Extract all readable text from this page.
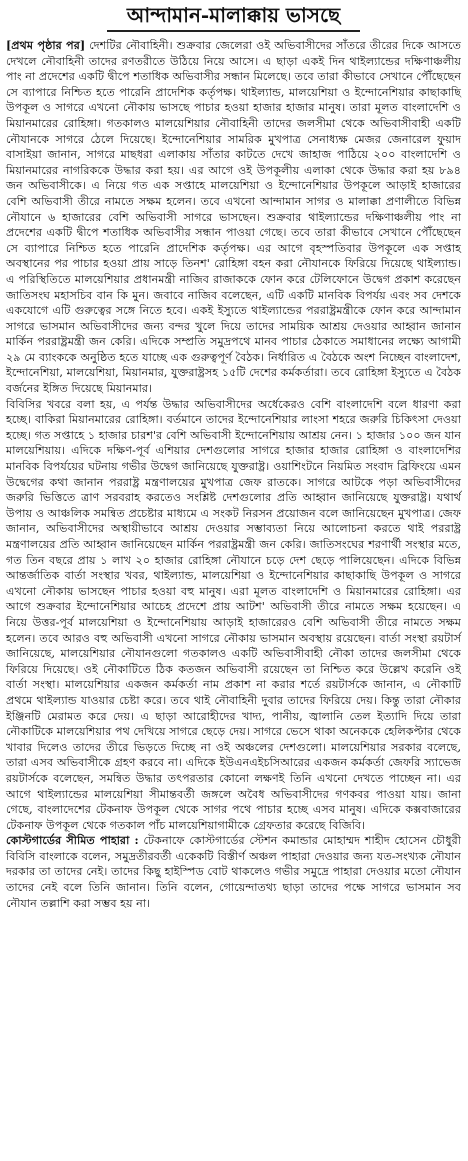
আন্দামান-মালাক্কায় ভাসছে

[প্রথম পৃষ্ঠার পর] দেশটির নৌবাহিনী। শুক্রবার জেলেরা ওই অভিবাসীদের সাঁতরে তীরের দিকে আসতে দেখলে নৌবাহিনী তাদের রণতরীতে উঠিয়ে নিয়ে আসে। এ ছাড়া একই দিন থাইল্যান্ডের দক্ষিণাঞ্চলীয় পাং না প্রদেশের একটি দ্বীপে শতাধিক অভিবাসীর সন্ধান মিলেছে। তবে তারা কীভাবে সেখানে পৌঁছেছেন সে ব্যাপারে নিশ্চিত হতে পারেনি প্রাদেশিক কর্তৃপক্ষ। থাইল্যান্ড, মালয়েশিয়া ও ইন্দোনেশিয়ার কাছাকাছি উপকূল ও সাগরে এখনো নৌকায় ভাসছে পাচার হওয়া হাজার হাজার মানুষ। তারা মূলত বাংলাদেশি ও মিয়ানমারের রোহিঙ্গা। গতকালও মালয়েশিয়ার নৌবাহিনী তাদের জলসীমা থেকে অভিবাসীবাহী একটি নৌযানকে সাগরে ঠেলে দিয়েছে। ইন্দোনেশিয়ার সামরিক মুখপাত্র সেনাধ্যক্ষ মেজর জেনারেল ফুয়াদ বাসাইয়া জানান, সাগরে মাছধরা এলাকায় সাঁতার কাটতে দেখে জাহাজ পাঠিয়ে ২০০ বাংলাদেশি ও মিয়ানমারের নাগরিককে উদ্ধার করা হয়। এর আগে ওই উপকূলীয় এলাকা থেকে উদ্ধার করা হয় ৮৯৪ জন অভিবাসীকে। এ নিয়ে গত এক সপ্তাহে মালয়েশিয়া ও ইন্দোনেশিয়ার উপকূলে আড়াই হাজারের বেশি অভিবাসী তীরে নামতে সক্ষম হলেন। তবে এখনো আন্দামান সাগর ও মালাক্কা প্রণালীতে বিভিন্ন নৌযানে ৬ হাজারের বেশি অভিবাসী সাগরে ভাসছেন। শুক্রবার থাইল্যান্ডের দক্ষিণাঞ্চলীয় পাং না প্রদেশের একটি দ্বীপে শতাধিক অভিবাসীর সন্ধান পাওয়া গেছে। তবে তারা কীভাবে সেখানে পৌঁছেছেন সে ব্যাপারে নিশ্চিত হতে পারেনি প্রাদেশিক কর্তৃপক্ষ। এর আগে বৃহস্পতিবার উপকূলে এক সপ্তাহ অবস্থানের পর পাচার হওয়া প্রায় সাড়ে তিনশ' রোহিঙ্গা বহন করা নৌযানকে ফিরিয়ে দিয়েছে থাইল্যান্ড। এ পরিস্থিতিতে মালয়েশিয়ার প্রধানমন্ত্রী নাজিব রাজাককে ফোন করে টেলিফোনে উদ্বেগ প্রকাশ করেছেন জাতিসংঘ মহাসচিব বান কি মুন। জবাবে নাজিব বলেছেন, এটি একটি মানবিক বিপর্যয় এবং সব দেশকে একযোগে এটি গুরুত্বের সঙ্গে নিতে হবে। একই ইস্যুতে থাইল্যান্ডের পররাষ্ট্রমন্ত্রীকে ফোন করে আন্দামান সাগরে ভাসমান অভিবাসীদের জন্য বন্দর খুলে দিয়ে তাদের সাময়িক আশ্রয় দেওয়ার আহ্বান জানান মার্কিন পররাষ্ট্রমন্ত্রী জন কেরি। এদিকে সম্প্রতি সমুদ্রপথে মানব পাচার ঠেকাতে সমাধানের লক্ষ্যে আগামী ২৯ মে ব্যাংককে অনুষ্ঠিত হতে যাচ্ছে এক গুরুত্বপূর্ণ বৈঠক। নির্ধারিত এ বৈঠকে অংশ নিচ্ছেন বাংলাদেশ, ইন্দোনেশিয়া, মালয়েশিয়া, মিয়ানমার, যুক্তরাষ্ট্রসহ ১৫টি দেশের কর্মকর্তারা। তবে রোহিঙ্গা ইস্যুতে এ বৈঠক বর্জনের ইঙ্গিত দিয়েছে মিয়ানমার।

বিবিসির খবরে বলা হয়, এ পর্যন্ত উদ্ধার অভিবাসীদের অর্ধেকেরও বেশি বাংলাদেশি বলে ধারণা করা হচ্ছে। বাকিরা মিয়ানমারের রোহিঙ্গা। বর্তমানে তাদের ইন্দোনেশিয়ার লাংসা শহরে জরুরি চিকিৎসা দেওয়া হচ্ছে। গত সপ্তাহে ১ হাজার চারশ'র বেশি অভিবাসী ইন্দোনেশিয়ায় আশ্রয় নেন। ১ হাজার ১০০ জন যান মালয়েশিয়ায়। এদিকে দক্ষিণ-পূর্ব এশিয়ার দেশগুলোর সাগরে হাজার হাজার রোহিঙ্গা ও বাংলাদেশির মানবিক বিপর্যয়ের ঘটনায় গভীর উদ্বেগ জানিয়েছে যুক্তরাষ্ট্র। ওয়াশিংটনে নিয়মিত সংবাদ ব্রিফিংয়ে এমন উদ্বেগের কথা জানান পররাষ্ট্র মন্ত্রণালয়ের মুখপাত্র জেফ রাতকে। সাগরে আটকে পড়া অভিবাসীদের জরুরি ভিত্তিতে ত্রাণ সরবরাহ করতেও সংশ্লিষ্ট দেশগুলোর প্রতি আহ্বান জানিয়েছে যুক্তরাষ্ট্র। যথার্থ উপায় ও আঞ্চলিক সমন্বিত প্রচেষ্টার মাধ্যমে এ সংকট নিরসন প্রয়োজন বলে জানিয়েছেন মুখপাত্র। জেফ জানান, অভিবাসীদের অস্থায়ীভাবে আশ্রয় দেওয়ার সম্ভাব্যতা নিয়ে আলোচনা করতে থাই পররাষ্ট্র মন্ত্রণালয়ের প্রতি আহ্বান জানিয়েছেন মার্কিন পররাষ্ট্রমন্ত্রী জন কেরি। জাতিসংঘের শরণার্থী সংস্থার মতে, গত তিন বছরে প্রায় ১ লাখ ২০ হাজার রোহিঙ্গা নৌযানে চড়ে দেশ ছেড়ে পালিয়েছেন। এদিকে বিভিন্ন আন্তর্জাতিক বার্তা সংস্থার খবর, থাইল্যান্ড, মালয়েশিয়া ও ইন্দোনেশিয়ার কাছাকাছি উপকূল ও সাগরে এখনো নৌকায় ভাসছেন পাচার হওয়া বহু মানুষ। এরা মূলত বাংলাদেশি ও মিয়ানমারের রোহিঙ্গা। এর আগে শুক্রবার ইন্দোনেশিয়ার আচেহ প্রদেশে প্রায় আটশ' অভিবাসী তীরে নামতে সক্ষম হয়েছেন। এ নিয়ে উত্তর-পূর্ব মালয়েশিয়া ও ইন্দোনেশিয়ায় আড়াই হাজারেরও বেশি অভিবাসী তীরে নামতে সক্ষম হলেন। তবে আরও বহু অভিবাসী এখনো সাগরে নৌকায় ভাসমান অবস্থায় রয়েছেন। বার্তা সংস্থা রয়টার্স জানিয়েছে, মালয়েশিয়ার নৌযানগুলো গতকালও একটি অভিবাসীবাহী নৌকা তাদের জলসীমা থেকে ফিরিয়ে দিয়েছে। ওই নৌকাটিতে ঠিক কতজন অভিবাসী রয়েছেন তা নিশ্চিত করে উল্লেখ করেনি ওই বার্তা সংস্থা। মালয়েশিয়ার একজন কর্মকর্তা নাম প্রকাশ না করার শর্তে রয়টার্সকে জানান, এ নৌকাটি প্রথমে থাইল্যান্ড যাওয়ার চেষ্টা করে। তবে থাই নৌবাহিনী দুবার তাদের ফিরিয়ে দেয়। কিন্তু তারা নৌকার ইঞ্জিনটি মেরামত করে দেয়। এ ছাড়া আরোহীদের খাদ্য, পানীয়, জ্বালানি তেল ইত্যাদি দিয়ে তারা নৌকাটিকে মালয়েশিয়ার পথ দেখিয়ে সাগরে ছেড়ে দেয়। সাগরে ভেসে থাকা অনেককে হেলিকপ্টার থেকে খাবার দিলেও তাদের তীরে ভিড়তে দিচ্ছে না ওই অঞ্চলের দেশগুলো। মালয়েশিয়ার সরকার বলেছে, তারা এসব অভিবাসীকে গ্রহণ করবে না। এদিকে ইউএনএইচসিআরের একজন কর্মকর্তা জেফরি স্যাভেজ রয়টার্সকে বলেছেন, সমন্বিত উদ্ধার তৎপরতার কোনো লক্ষণই তিনি এখনো দেখতে পাচ্ছেন না। এর আগে থাইল্যান্ডের মালয়েশিয়া সীমান্তবর্তী জঙ্গলে অবৈধ অভিবাসীদের গণকবর পাওয়া যায়। জানা গেছে, বাংলাদেশের টেকনাফ উপকূল থেকে সাগর পথে পাচার হচ্ছে এসব মানুষ। এদিকে কক্সবাজারের টেকনাফ উপকূল থেকে গতকাল পাঁচ মালয়েশিয়াগামীকে গ্রেফতার করেছে বিজিবি।

কোস্টগার্ডের সীমিত পাহারা : টেকনাফে কোস্টগার্ডের স্টেশন কমান্ডার মোহাম্মদ শাহীদ হোসেন চৌধুরী বিবিসি বাংলাকে বলেন, সমুদ্রতীরবর্তী একেকটি বিস্তীর্ণ অঞ্চল পাহারা দেওয়ার জন্য যত-সংখ্যক নৌযান দরকার তা তাদের নেই। তাদের কিছু হাইস্পিড বোট থাকলেও গভীর সমুদ্রে পাহারা দেওয়ার মতো নৌযান তাদের নেই বলে তিনি জানান। তিনি বলেন, গোয়েন্দাতথ্য ছাড়া তাদের পক্ষে সাগরে ভাসমান সব নৌযান তল্লাশি করা সম্ভব হয় না।
